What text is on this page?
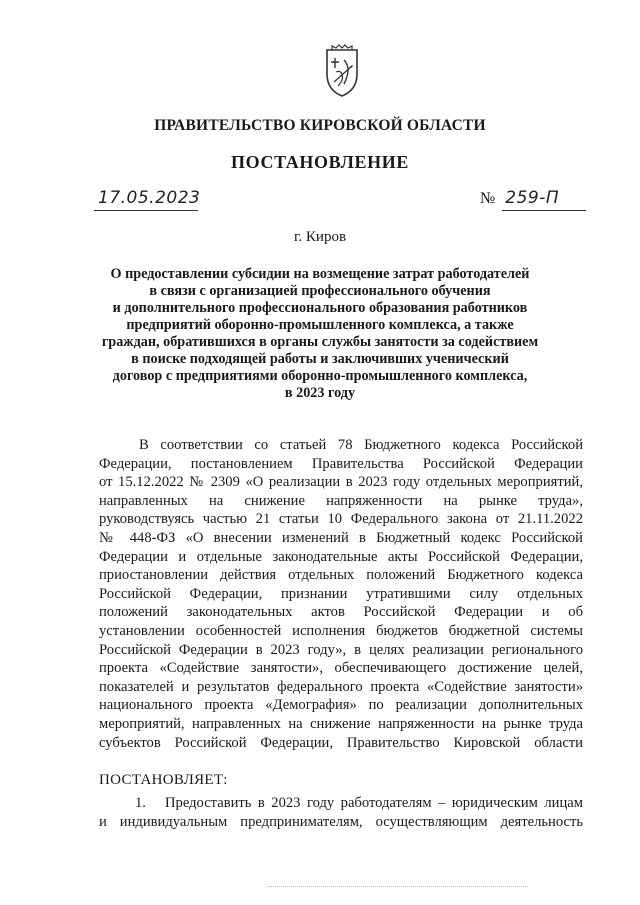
ПРАВИТЕЛЬСТВО КИРОВСКОЙ ОБЛАСТИ
ПОСТАНОВЛЕНИЕ
17.05.2023	№ 259-П
г. Киров
О предоставлении субсидии на возмещение затрат работодателей
в связи с организацией профессионального обучения
и дополнительного профессионального образования работников
предприятий оборонно-промышленного комплекса, а также
граждан, обратившихся в органы службы занятости за содействием
в поиске подходящей работы и заключивших ученический
договор с предприятиями оборонно-промышленного комплекса,
в 2023 году
В соответствии со статьей 78 Бюджетного кодекса Российской
Федерации, постановлением Правительства Российской Федерации
от 15.12.2022 № 2309 «О реализации в 2023 году отдельных мероприятий,
направленных на снижение напряженности на рынке труда»,
руководствуясь частью 21 статьи 10 Федерального закона от 21.11.2022
№ 448-ФЗ «О внесении изменений в Бюджетный кодекс Российской
Федерации и отдельные законодательные акты Российской Федерации,
приостановлении действия отдельных положений Бюджетного кодекса
Российской Федерации, признании утратившими силу отдельных
положений законодательных актов Российской Федерации и об
установлении особенностей исполнения бюджетов бюджетной системы
Российской Федерации в 2023 году», в целях реализации регионального
проекта «Содействие занятости», обеспечивающего достижение целей,
показателей и результатов федерального проекта «Содействие занятости»
национального проекта «Демография» по реализации дополнительных
мероприятий, направленных на снижение напряженности на рынке труда
субъектов Российской Федерации, Правительство Кировской области
ПОСТАНОВЛЯЕТ:
1. Предоставить в 2023 году работодателям – юридическим лицам
и индивидуальным предпринимателям, осуществляющим деятельность
